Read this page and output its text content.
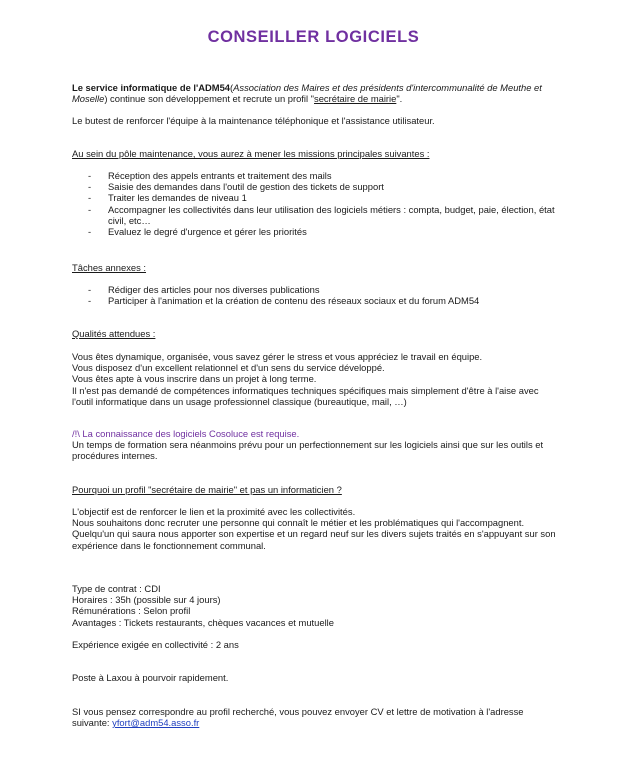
CONSEILLER LOGICIELS

Le service informatique de l'ADM54(Association des Maires et des présidents d'intercommunalité de Meuthe et Moselle) continue son développement et recrute un profil "secrétaire de mairie".

Le butest de renforcer l'équipe à la maintenance téléphonique et l'assistance utilisateur.
Au sein du pôle maintenance, vous aurez à mener les missions principales suivantes :
- Réception des appels entrants et traitement des mails
- Saisie des demandes dans l'outil de gestion des tickets de support
- Traiter les demandes de niveau 1
- Accompagner les collectivités dans leur utilisation des logiciels métiers : compta, budget, paie, élection, état civil, etc…
- Evaluez le degré d'urgence et gérer les priorités
Tâches annexes :
- Rédiger des articles pour nos diverses publications
- Participer à l'animation et la création de contenu des réseaux sociaux et du forum ADM54
Qualités attendues :

Vous êtes dynamique, organisée, vous savez gérer le stress et vous appréciez le travail en équipe.

Vous disposez d'un excellent relationnel et d'un sens du service développé.

Vous êtes apte à vous inscrire dans un projet à long terme.

Il n'est pas demandé de compétences informatiques techniques spécifiques mais simplement d'être à l'aise avec l'outil informatique dans un usage professionnel classique (bureautique, mail, …)

/!\ La connaissance des logiciels Cosoluce est requise.
Un temps de formation sera néanmoins prévu pour un perfectionnement sur les logiciels ainsi que sur les outils et procédures internes.
Pourquoi un profil "secrétaire de mairie" et pas un informaticien ?

L'objectif est de renforcer le lien et la proximité avec les collectivités.

Nous souhaitons donc recruter une personne qui connaît le métier et les problématiques qui l'accompagnent.

Quelqu'un qui saura nous apporter son expertise et un regard neuf sur les divers sujets traités en s'appuyant sur son expérience dans le fonctionnement communal.

Type de contrat : CDI

Horaires : 35h (possible sur 4 jours)

Rémunérations : Selon profil

Avantages : Tickets restaurants, chèques vacances et mutuelle

Expérience exigée en collectivité : 2 ans
Poste à Laxou à pourvoir rapidement.

SI vous pensez correspondre au profil recherché, vous pouvez envoyer CV et lettre de motivation à l'adresse suivante: yfort@adm54.asso.fr
